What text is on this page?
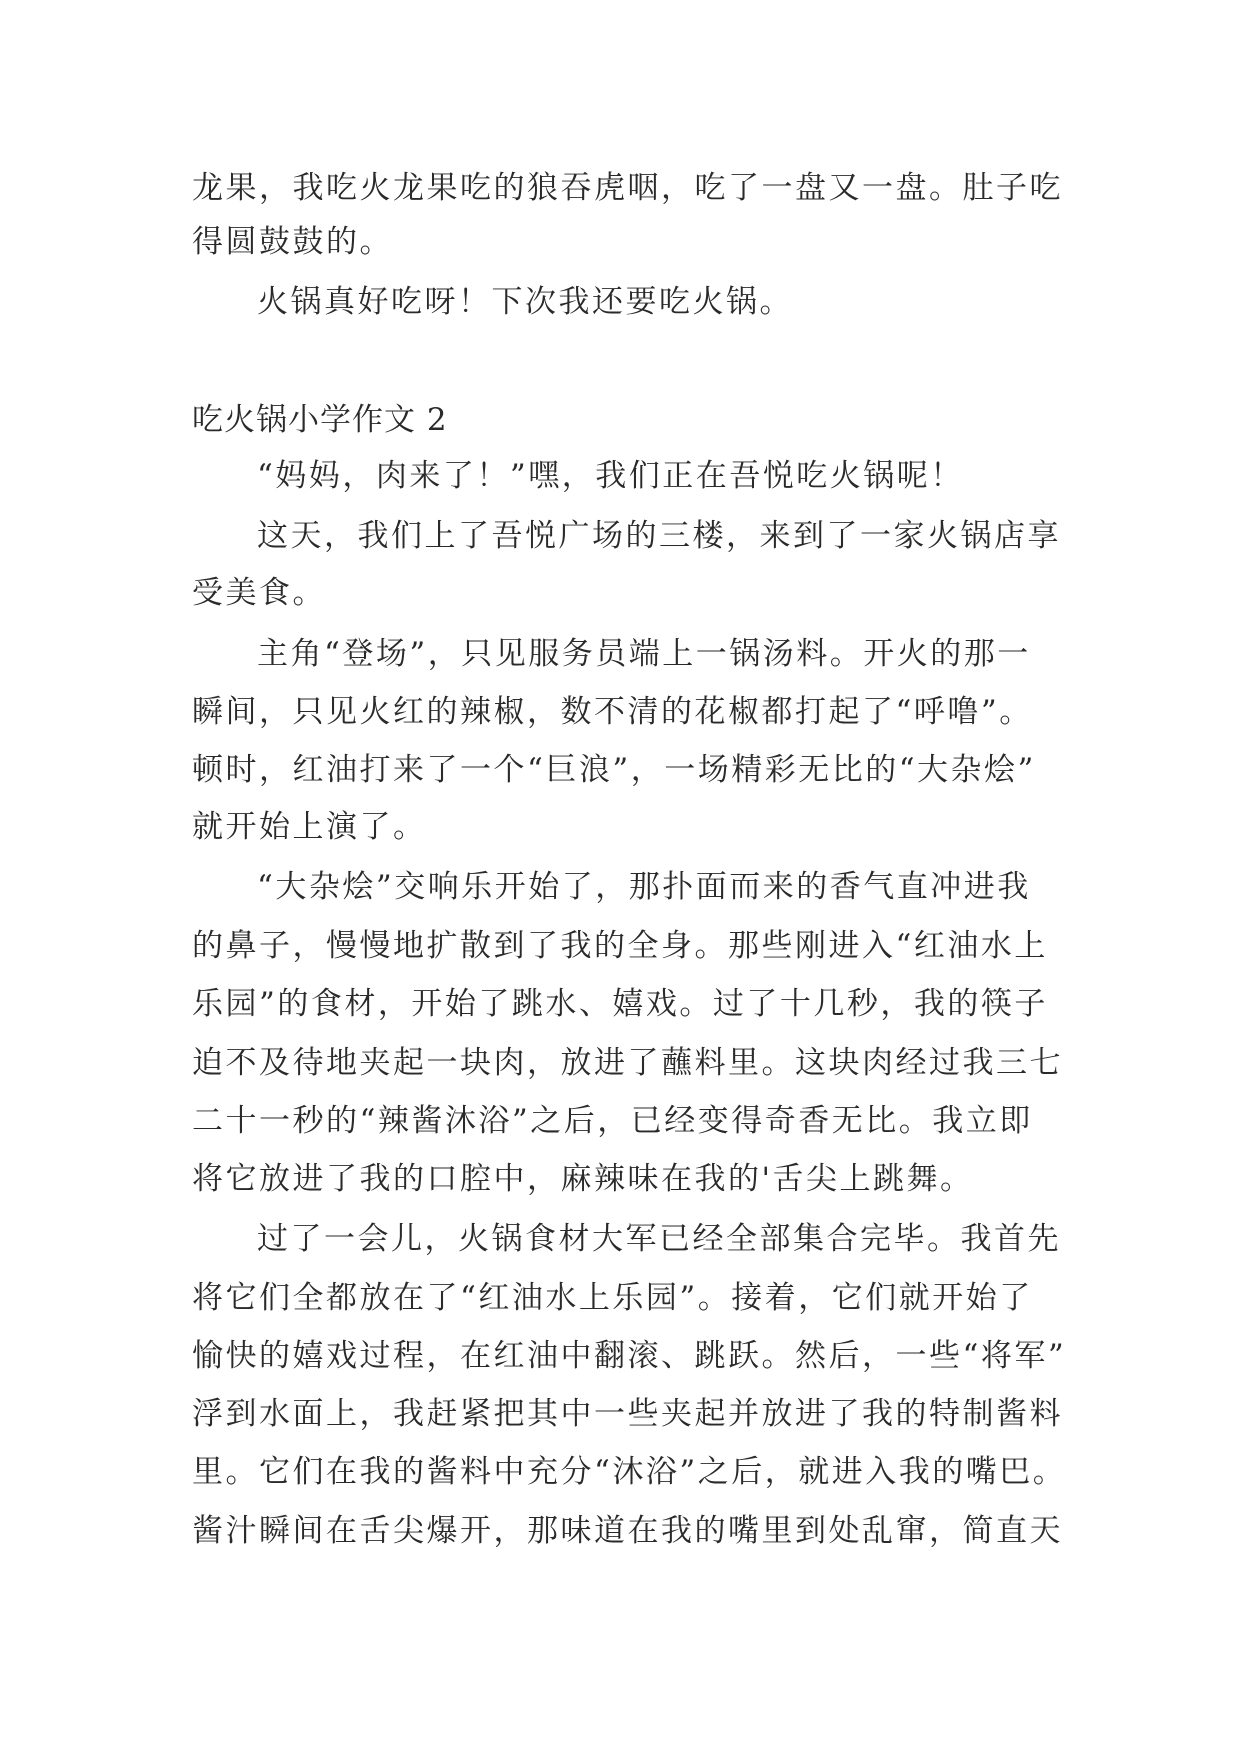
龙果，我吃火龙果吃的狼吞虎咽，吃了一盘又一盘。肚子吃
得圆鼓鼓的。
火锅真好吃呀！下次我还要吃火锅。
吃火锅小学作文 2
“妈妈，肉来了！”嘿，我们正在吾悦吃火锅呢！
这天，我们上了吾悦广场的三楼，来到了一家火锅店享
受美食。
主角“登场”，只见服务员端上一锅汤料。开火的那一
瞬间，只见火红的辣椒，数不清的花椒都打起了“呼噜”。
顿时，红油打来了一个“巨浪”，一场精彩无比的“大杂烩”
就开始上演了。
“大杂烩”交响乐开始了，那扑面而来的香气直冲进我
的鼻子，慢慢地扩散到了我的全身。那些刚进入“红油水上
乐园”的食材，开始了跳水、嬉戏。过了十几秒，我的筷子
迫不及待地夹起一块肉，放进了蘸料里。这块肉经过我三七
二十一秒的“辣酱沐浴”之后，已经变得奇香无比。我立即
将它放进了我的口腔中，麻辣味在我的'舌尖上跳舞。
过了一会儿，火锅食材大军已经全部集合完毕。我首先
将它们全都放在了“红油水上乐园”。接着，它们就开始了
愉快的嬉戏过程，在红油中翻滚、跳跃。然后，一些“将军”
浮到水面上，我赶紧把其中一些夹起并放进了我的特制酱料
里。它们在我的酱料中充分“沐浴”之后，就进入我的嘴巴。
酱汁瞬间在舌尖爆开，那味道在我的嘴里到处乱窜，简直天
